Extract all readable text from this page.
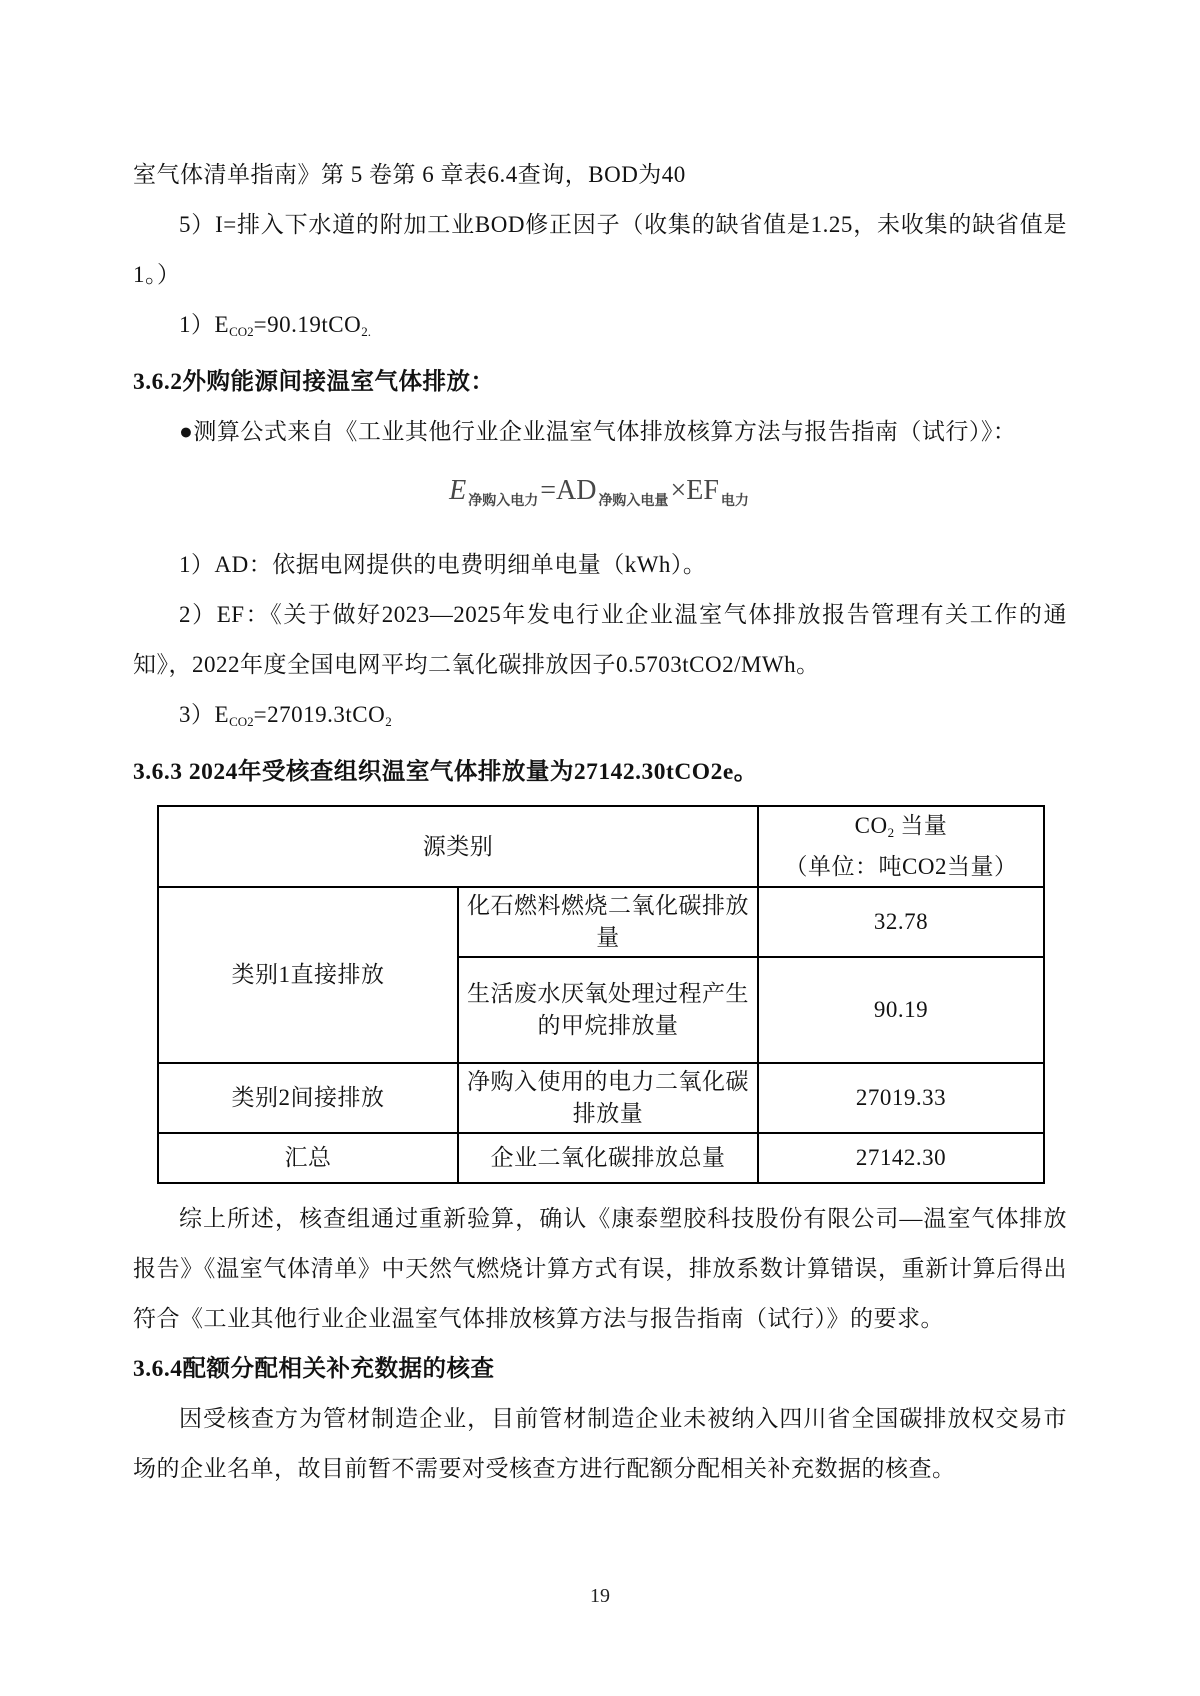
室气体清单指南》第 5 卷第 6 章表6.4查询，BOD为40

5）I=排入下水道的附加工业BOD修正因子（收集的缺省值是1.25，未收集的缺省值是1。）

$1)E_{CO2}=90.19tCO_{2.}$

3.6.2外购能源间接温室气体排放：

●测算公式来自《工业其他行业企业温室气体排放核算方法与报告指南（试行）》：

E $_{净购入电力}$=AD $_{净购入电量}$×EF $_{电力}$

1）AD：依据电网提供的电费明细单电量（kWh）。

2）EF：《关于做好2023—2025年发电行业企业温室气体排放报告管理有关工作的通知》，2022年度全国电网平均二氧化碳排放因子0.5703tCO2/MWh。

$3)E_{CO2}=27019.3tCO_2$

3.6.3 2024年受核查组织温室气体排放量为27142.30tCO2e。

源类别		$CO_2$ 当量
（单位：吨CO2当量）

类别1直接排放	化石燃料燃烧二氧化碳排放量	32.78
	生活废水厌氧处理过程产生的甲烷排放量	90.19
类别2间接排放	净购入使用的电力二氧化碳排放量	27019.33
汇总	企业二氧化碳排放总量	27142.30

综上所述，核查组通过重新验算，确认《康泰塑胶科技股份有限公司—温室气体排放报告》《温室气体清单》中天然气燃烧计算方式有误，排放系数计算错误，重新计算后得出符合《工业其他行业企业温室气体排放核算方法与报告指南（试行）》的要求。

3.6.4配额分配相关补充数据的核查

因受核查方为管材制造企业，目前管材制造企业未被纳入四川省全国碳排放权交易市场的企业名单，故目前暂不需要对受核查方进行配额分配相关补充数据的核查。

19
